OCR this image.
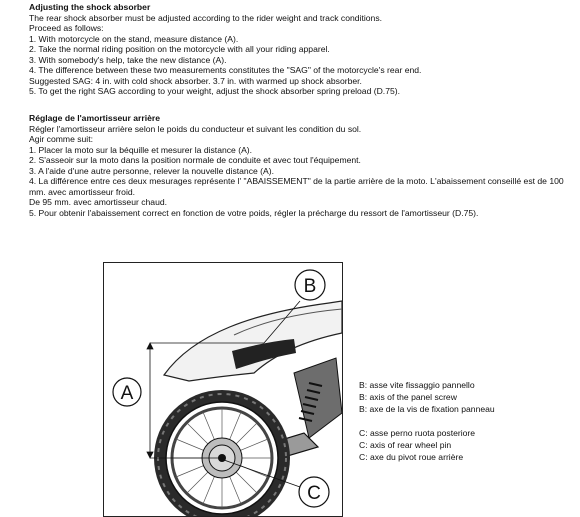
Adjusting the shock absorber
The rear shock absorber must be adjusted according to the rider weight and track conditions.
Proceed as follows:
1. With motorcycle on the stand, measure distance (A).
2. Take the normal riding position on the motorcycle with all your riding apparel.
3. With somebody's help, take the new distance (A).
4. The difference between these two measurements constitutes the "SAG" of the motorcycle's rear end.
Suggested SAG: 4 in. with cold shock absorber. 3.7 in. with warmed up shock absorber.
5. To get the right SAG according to your weight, adjust the shock absorber spring preload (D.75).
Réglage de l'amortisseur arrière
Régler l'amortisseur arrière selon le poids du conducteur et suivant les condition du sol.
Agir comme suit:
1. Placer la moto sur la béquille et mesurer la distance (A).
2. S'asseoir sur la moto dans la position normale de conduite et avec tout l'équipement.
3. A l'aide d'une autre personne, relever la nouvelle distance (A).
4. La différence entre ces deux mesurages représente l' "ABAISSEMENT" de la partie arrière de la moto. L'abaissement conseillé est de 100 mm. avec amortisseur froid.
De 95 mm. avec amortisseur chaud.
5. Pour obtenir l'abaissement correct en fonction de votre poids, régler la précharge du ressort de l'amortisseur (D.75).
A
B
C
B: asse vite fissaggio pannello
B: axis of the panel screw
B: axe de la vis de fixation panneau
C: asse perno ruota posteriore
C: axis of rear wheel pin
C: axe du pivot roue arrière
